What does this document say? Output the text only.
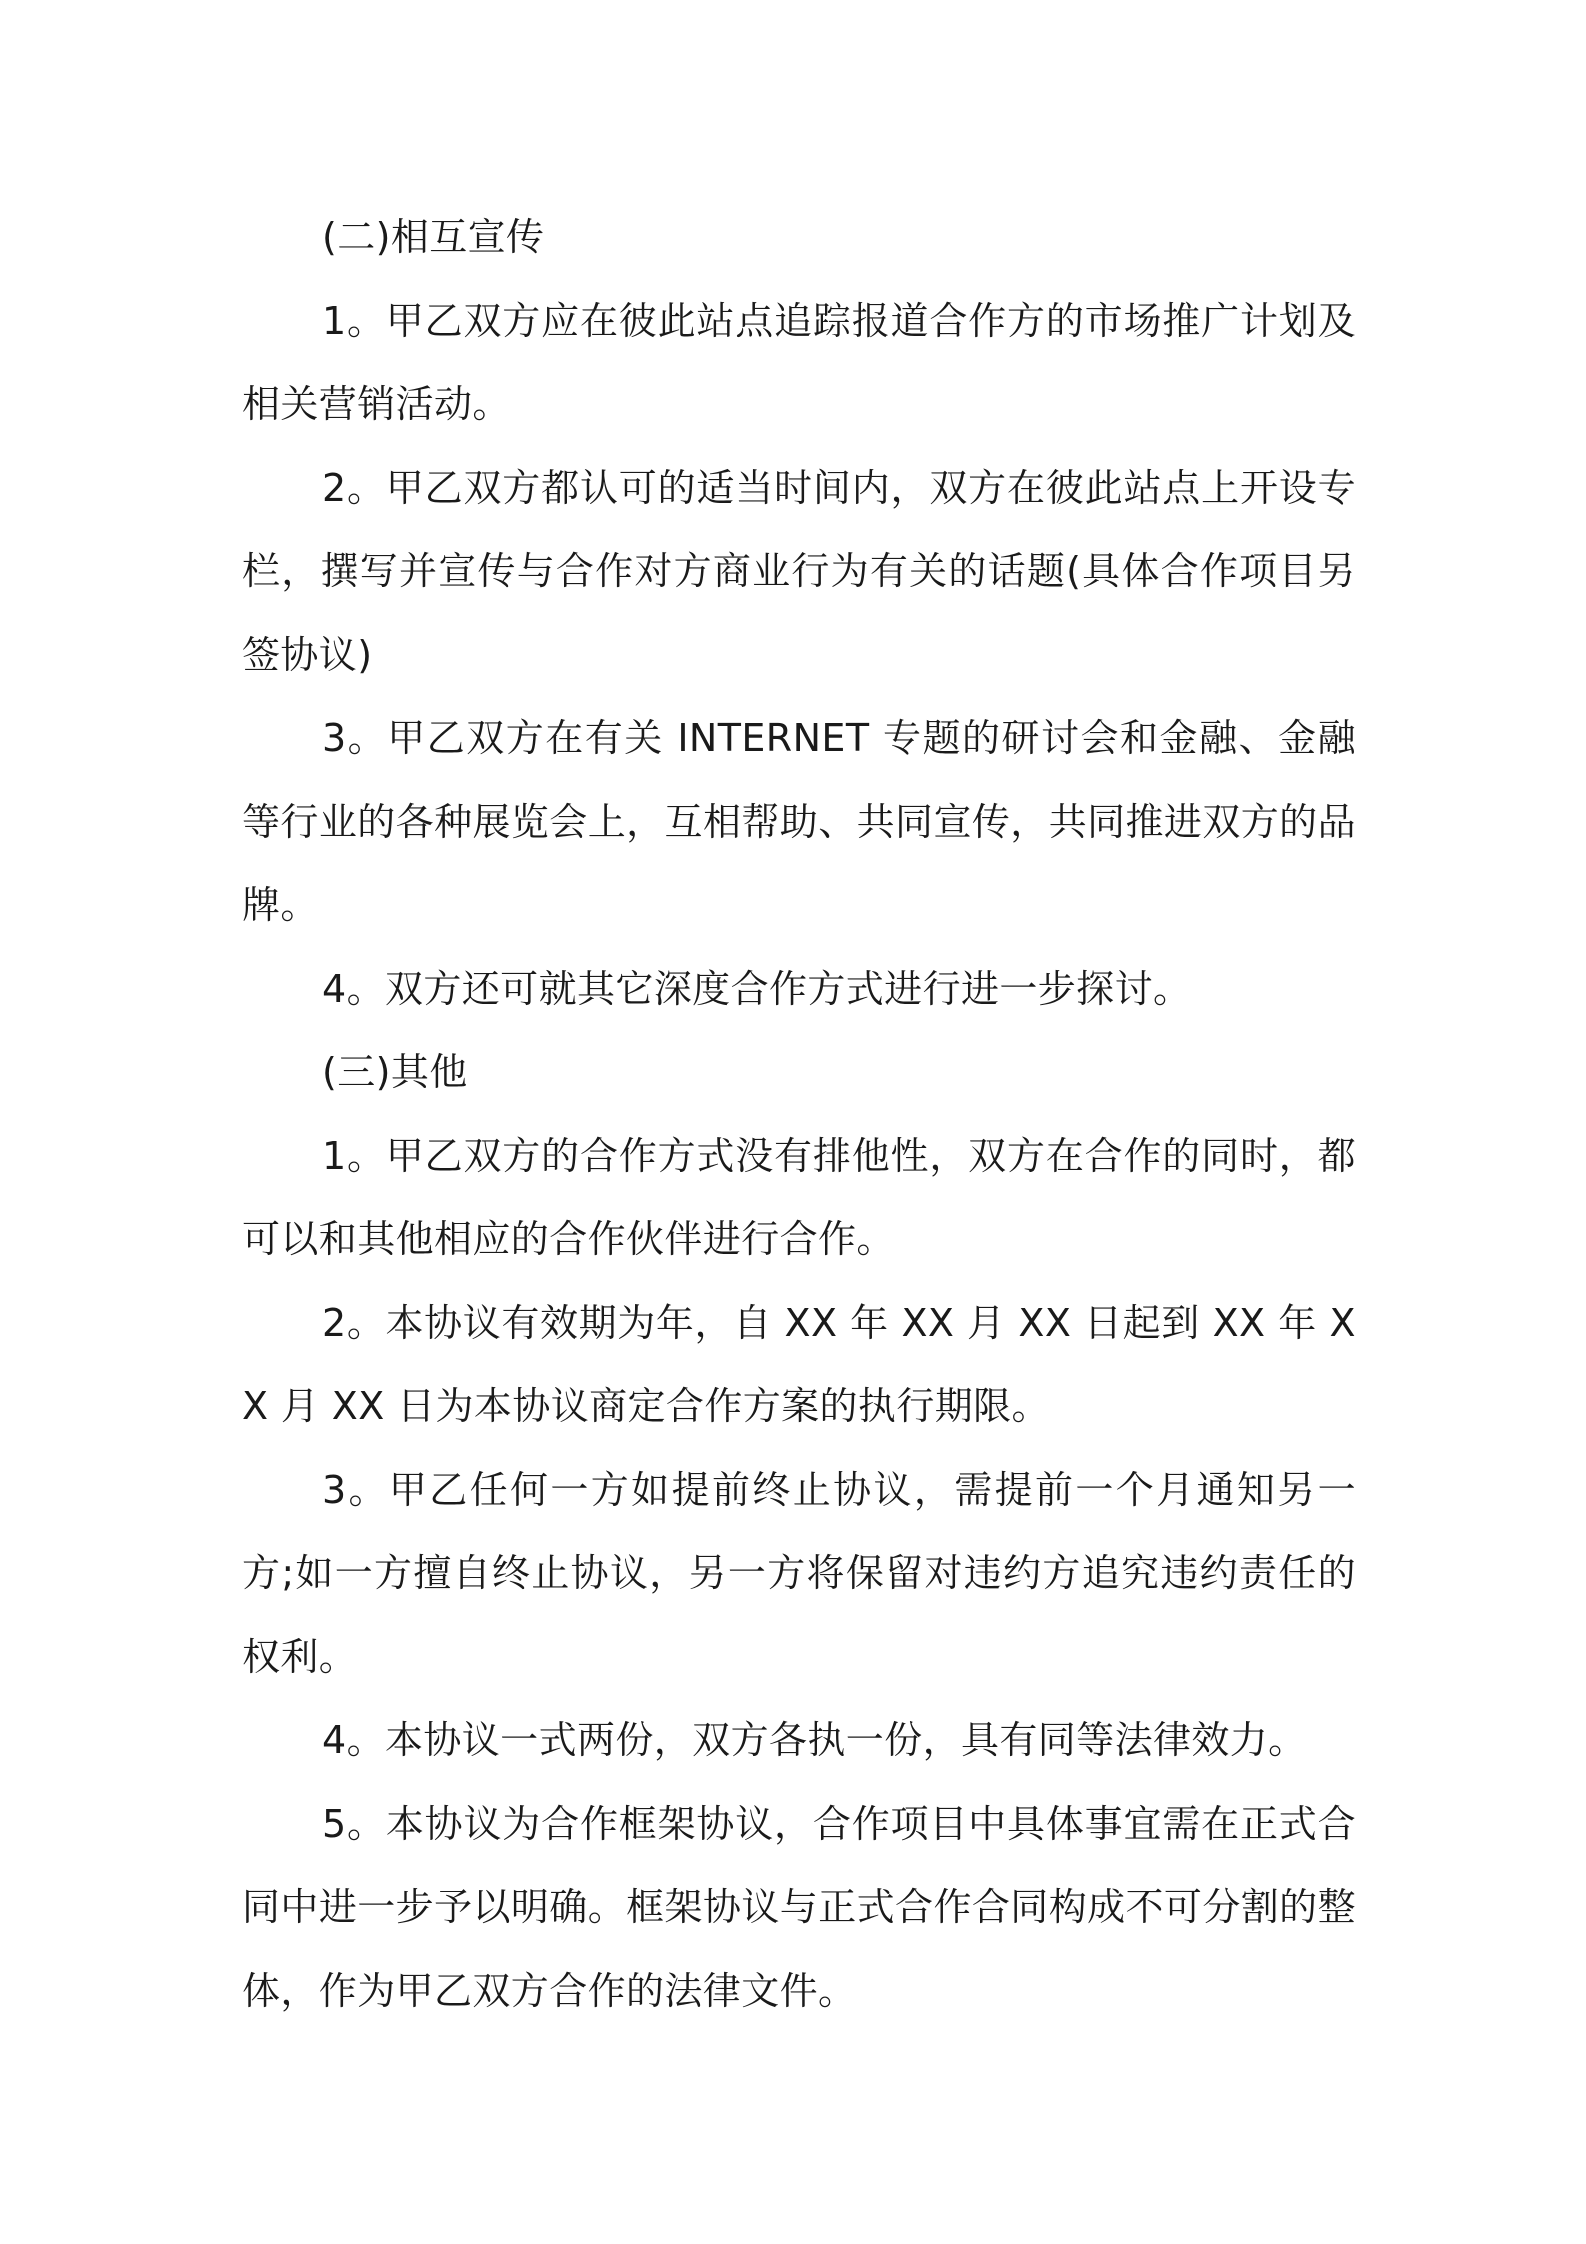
(二)相互宣传

1。甲乙双方应在彼此站点追踪报道合作方的市场推广计划及相关营销活动。

2。甲乙双方都认可的适当时间内，双方在彼此站点上开设专栏，撰写并宣传与合作对方商业行为有关的话题(具体合作项目另签协议)

3。甲乙双方在有关 INTERNET 专题的研讨会和金融、金融等行业的各种展览会上，互相帮助、共同宣传，共同推进双方的品牌。

4。双方还可就其它深度合作方式进行进一步探讨。

(三)其他

1。甲乙双方的合作方式没有排他性，双方在合作的同时，都可以和其他相应的合作伙伴进行合作。

2。本协议有效期为年，自 XX 年 XX 月 XX 日起到 XX 年 XX 月 XX 日为本协议商定合作方案的执行期限。

3。甲乙任何一方如提前终止协议，需提前一个月通知另一方;如一方擅自终止协议，另一方将保留对违约方追究违约责任的权利。

4。本协议一式两份，双方各执一份，具有同等法律效力。

5。本协议为合作框架协议，合作项目中具体事宜需在正式合同中进一步予以明确。框架协议与正式合作合同构成不可分割的整体，作为甲乙双方合作的法律文件。
